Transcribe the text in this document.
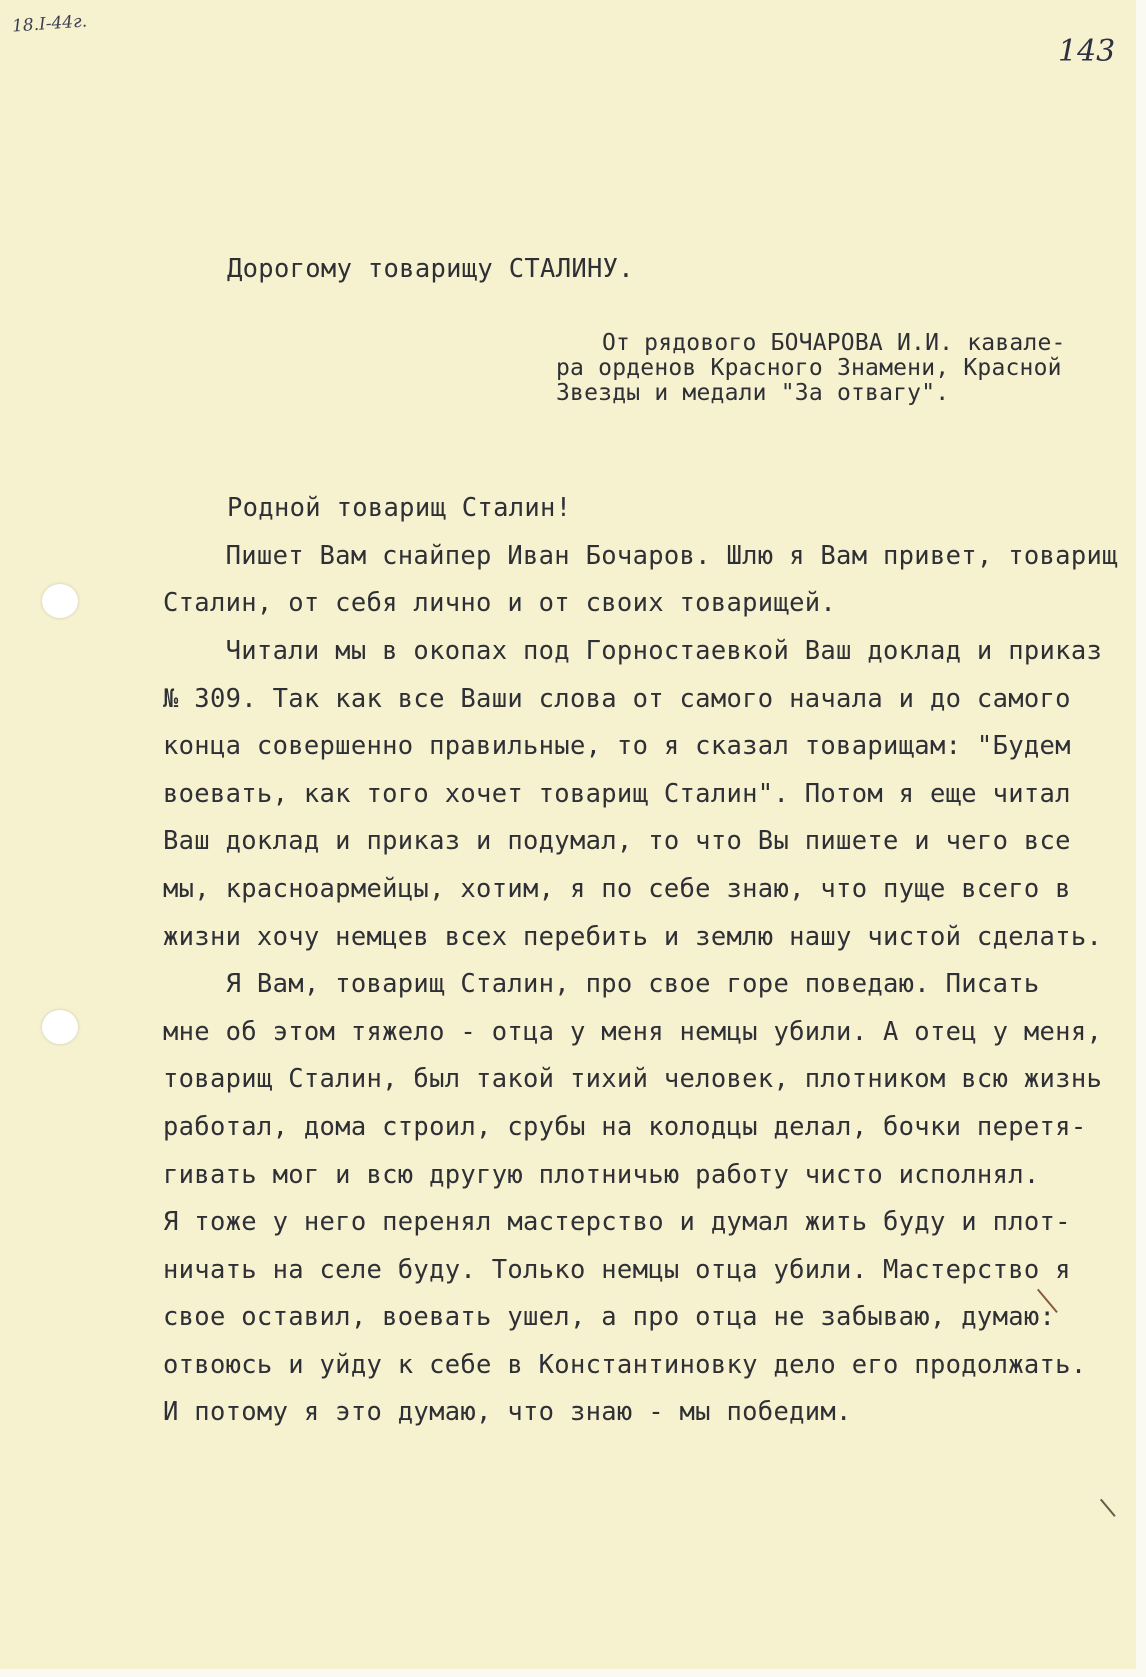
18.I-44г.
143
Дорогому товарищу СТАЛИНУ.
От рядового БОЧАРОВА И.И. кавале-
ра орденов Красного Знамени, Красной
Звезды и медали "За отвагу".
Родной товарищ Сталин!
Пишет Вам снайпер Иван Бочаров. Шлю я Вам привет, товарищ
Сталин, от себя лично и от своих товарищей.
Читали мы в окопах под Горностаевкой Ваш доклад и приказ
№ 309. Так как все Ваши слова от самого начала и до самого
конца совершенно правильные, то я сказал товарищам: "Будем
воевать, как того хочет товарищ Сталин". Потом я еще читал
Ваш доклад и приказ и подумал, то что Вы пишете и чего все
мы, красноармейцы, хотим, я по себе знаю, что пуще всего в
жизни хочу немцев всех перебить и землю нашу чистой сделать.
Я Вам, товарищ Сталин, про свое горе поведаю. Писать
мне об этом тяжело - отца у меня немцы убили. А отец у меня,
товарищ Сталин, был такой тихий человек, плотником всю жизнь
работал, дома строил, срубы на колодцы делал, бочки перетя-
гивать мог и всю другую плотничью работу чисто исполнял.
Я тоже у него перенял мастерство и думал жить буду и плот-
ничать на селе буду. Только немцы отца убили. Мастерство я
свое оставил, воевать ушел, а про отца не забываю, думаю:
отвоюсь и уйду к себе в Константиновку дело его продолжать.
И потому я это думаю, что знаю - мы победим.
